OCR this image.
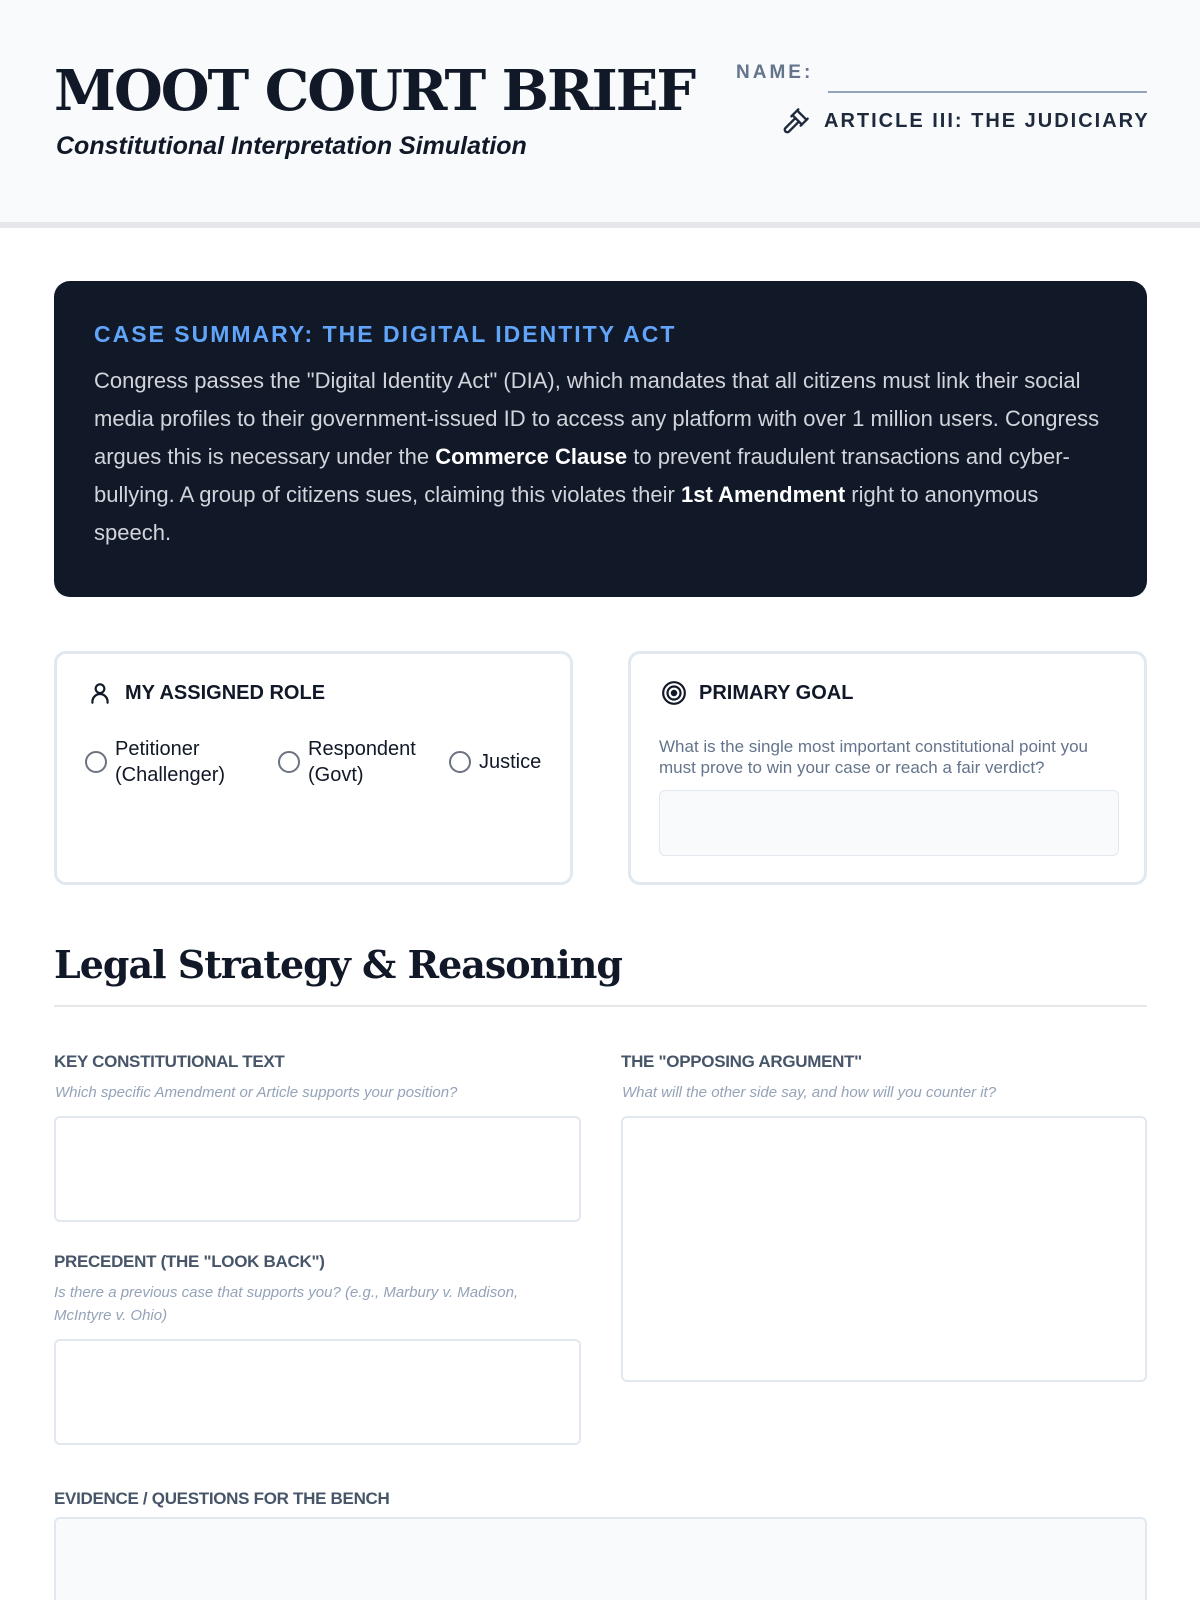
MOOT COURT BRIEF
Constitutional Interpretation Simulation
NAME:
ARTICLE III: THE JUDICIARY
CASE SUMMARY: THE DIGITAL IDENTITY ACT
Congress passes the "Digital Identity Act" (DIA), which mandates that all citizens must link their social media profiles to their government-issued ID to access any platform with over 1 million users. Congress argues this is necessary under the Commerce Clause to prevent fraudulent transactions and cyber-bullying. A group of citizens sues, claiming this violates their 1st Amendment right to anonymous speech.
MY ASSIGNED ROLE
Petitioner (Challenger)
Respondent (Govt)
Justice
PRIMARY GOAL
What is the single most important constitutional point you must prove to win your case or reach a fair verdict?
Legal Strategy & Reasoning
KEY CONSTITUTIONAL TEXT
Which specific Amendment or Article supports your position?
THE "OPPOSING ARGUMENT"
What will the other side say, and how will you counter it?
PRECEDENT (THE "LOOK BACK")
Is there a previous case that supports you? (e.g., Marbury v. Madison, McIntyre v. Ohio)
EVIDENCE / QUESTIONS FOR THE BENCH
